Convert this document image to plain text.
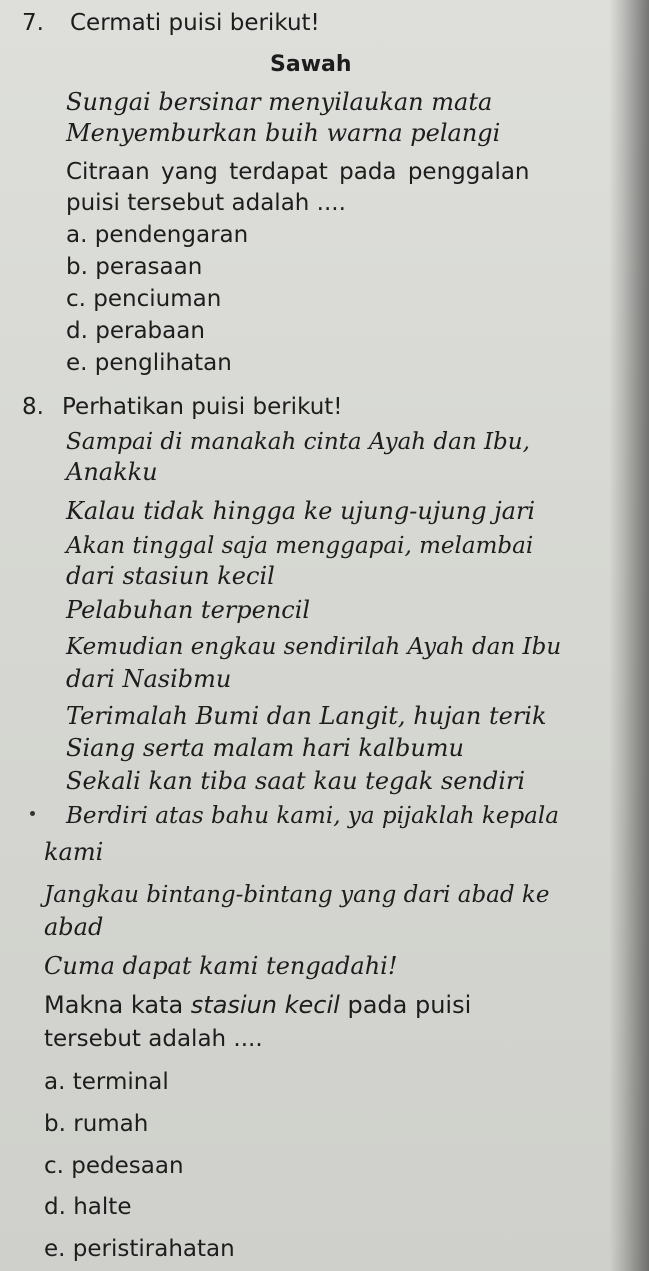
7. Cermati puisi berikut!
Sawah
Sungai bersinar menyilaukan mata
Menyemburkan buih warna pelangi
Citraan yang terdapat pada penggalan
puisi tersebut adalah ....
a. pendengaran
b. perasaan
c. penciuman
d. perabaan
e. penglihatan
8. Perhatikan puisi berikut!
Sampai di manakah cinta Ayah dan Ibu,
Anakku
Kalau tidak hingga ke ujung-ujung jari
Akan tinggal saja menggapai, melambai
dari stasiun kecil
Pelabuhan terpencil
Kemudian engkau sendirilah Ayah dan Ibu
dari Nasibmu
Terimalah Bumi dan Langit, hujan terik
Siang serta malam hari kalbumu
Sekali kan tiba saat kau tegak sendiri
Berdiri atas bahu kami, ya pijaklah kepala
kami
Jangkau bintang-bintang yang dari abad ke
abad
Cuma dapat kami tengadahi!
Makna kata stasiun kecil pada puisi
tersebut adalah ....
a. terminal
b. rumah
c. pedesaan
d. halte
e. peristirahatan
